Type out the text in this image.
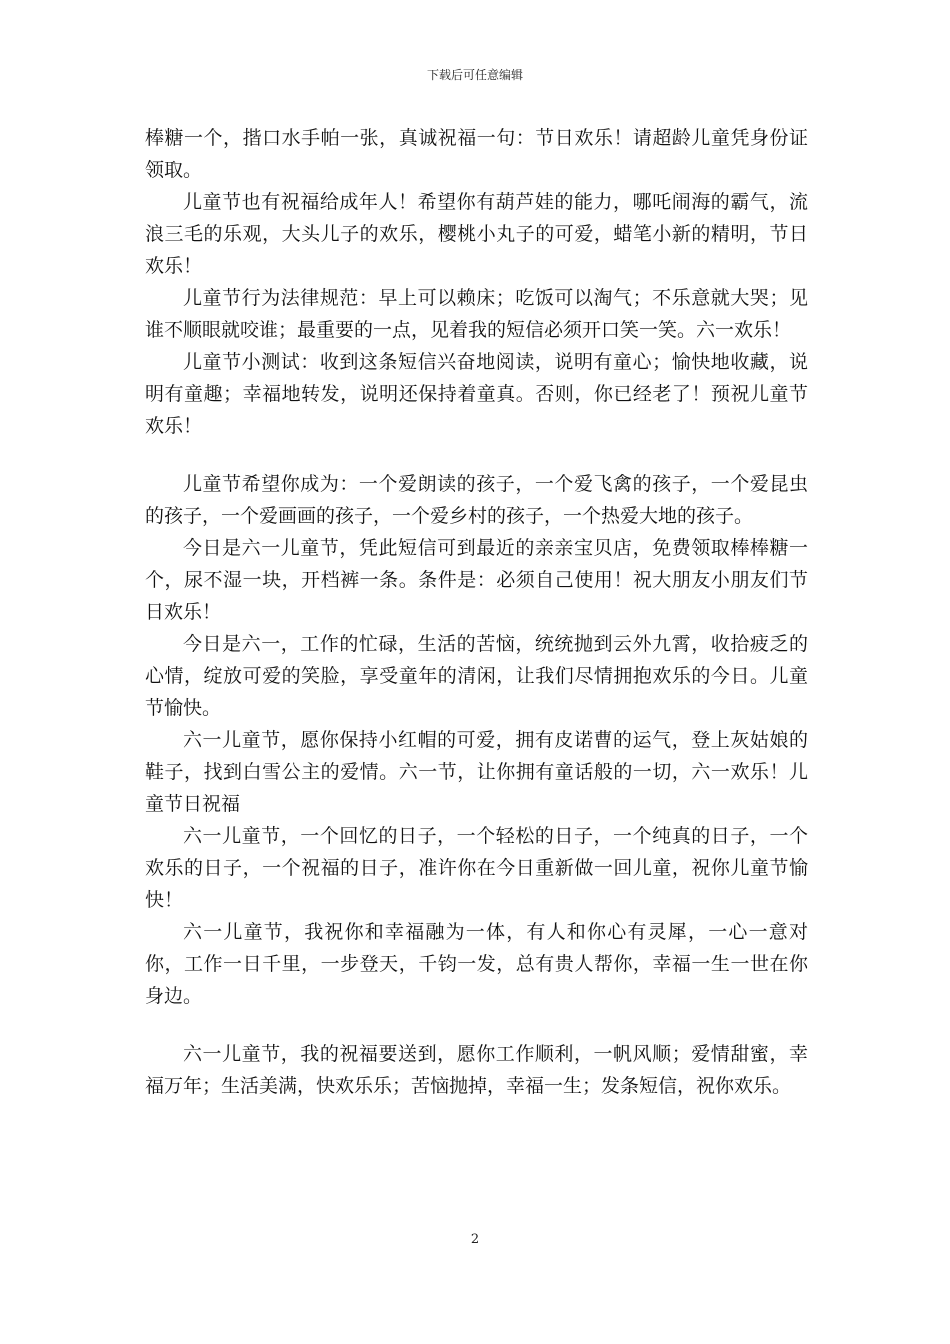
下载后可任意编辑

棒糖一个，揩口水手帕一张，真诚祝福一句：节日欢乐！请超龄儿童凭身份证领取。

儿童节也有祝福给成年人！希望你有葫芦娃的能力，哪吒闹海的霸气，流浪三毛的乐观，大头儿子的欢乐，樱桃小丸子的可爱，蜡笔小新的精明，节日欢乐！

儿童节行为法律规范：早上可以赖床；吃饭可以淘气；不乐意就大哭；见谁不顺眼就咬谁；最重要的一点，见着我的短信必须开口笑一笑。六一欢乐！

儿童节小测试：收到这条短信兴奋地阅读，说明有童心；愉快地收藏，说明有童趣；幸福地转发，说明还保持着童真。否则，你已经老了！预祝儿童节欢乐！

儿童节希望你成为：一个爱朗读的孩子，一个爱飞禽的孩子，一个爱昆虫的孩子，一个爱画画的孩子，一个爱乡村的孩子，一个热爱大地的孩子。

今日是六一儿童节，凭此短信可到最近的亲亲宝贝店，免费领取棒棒糖一个，尿不湿一块，开档裤一条。条件是：必须自己使用！祝大朋友小朋友们节日欢乐！

今日是六一，工作的忙碌，生活的苦恼，统统抛到云外九霄，收拾疲乏的心情，绽放可爱的笑脸，享受童年的清闲，让我们尽情拥抱欢乐的今日。儿童节愉快。

六一儿童节，愿你保持小红帽的可爱，拥有皮诺曹的运气，登上灰姑娘的鞋子，找到白雪公主的爱情。六一节，让你拥有童话般的一切，六一欢乐！儿童节日祝福

六一儿童节，一个回忆的日子，一个轻松的日子，一个纯真的日子，一个欢乐的日子，一个祝福的日子，准许你在今日重新做一回儿童，祝你儿童节愉快！

六一儿童节，我祝你和幸福融为一体，有人和你心有灵犀，一心一意对你，工作一日千里，一步登天，千钧一发，总有贵人帮你，幸福一生一世在你身边。

六一儿童节，我的祝福要送到，愿你工作顺利，一帆风顺；爱情甜蜜，幸福万年；生活美满，快欢乐乐；苦恼抛掉，幸福一生；发条短信，祝你欢乐。

2
